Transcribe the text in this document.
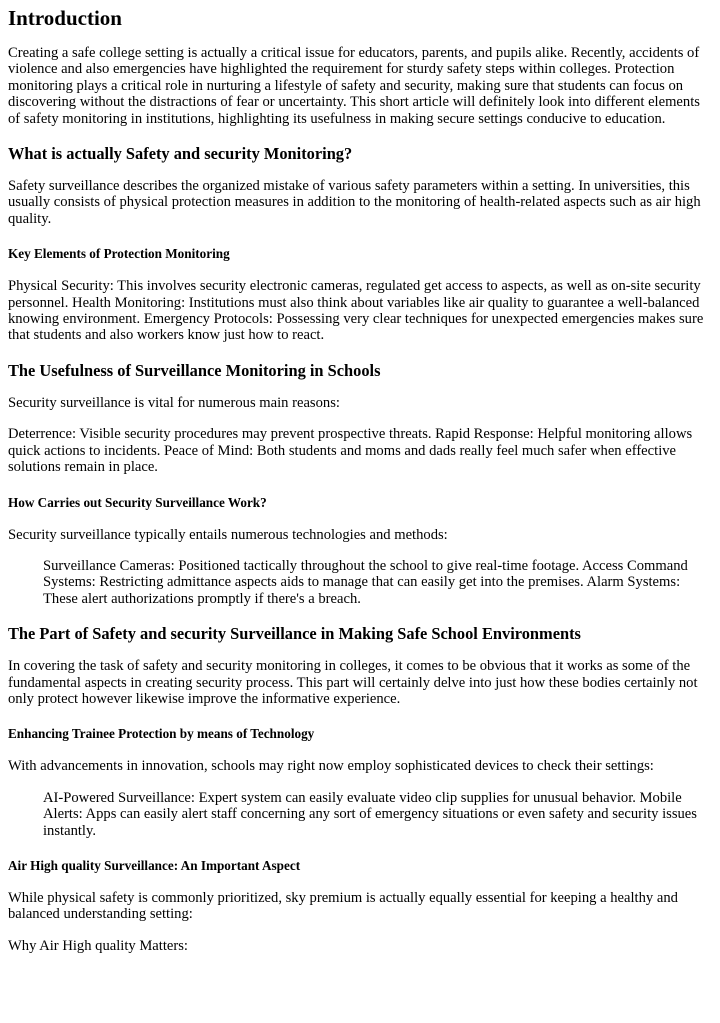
Introduction

Creating a safe college setting is actually a critical issue for educators, parents, and pupils alike. Recently, accidents of violence and also emergencies have highlighted the requirement for sturdy safety steps within colleges. Protection monitoring plays a critical role in nurturing a lifestyle of safety and security, making sure that students can focus on discovering without the distractions of fear or uncertainty. This short article will definitely look into different elements of safety monitoring in institutions, highlighting its usefulness in making secure settings conducive to education.

What is actually Safety and security Monitoring?

Safety surveillance describes the organized mistake of various safety parameters within a setting. In universities, this usually consists of physical protection measures in addition to the monitoring of health-related aspects such as air high quality.

Key Elements of Protection Monitoring

Physical Security: This involves security electronic cameras, regulated get access to aspects, as well as on-site security personnel. Health Monitoring: Institutions must also think about variables like air quality to guarantee a well-balanced knowing environment. Emergency Protocols: Possessing very clear techniques for unexpected emergencies makes sure that students and also workers know just how to react.

The Usefulness of Surveillance Monitoring in Schools

Security surveillance is vital for numerous main reasons:

Deterrence: Visible security procedures may prevent prospective threats. Rapid Response: Helpful monitoring allows quick actions to incidents. Peace of Mind: Both students and moms and dads really feel much safer when effective solutions remain in place.

How Carries out Security Surveillance Work?

Security surveillance typically entails numerous technologies and methods:

Surveillance Cameras: Positioned tactically throughout the school to give real-time footage. Access Command Systems: Restricting admittance aspects aids to manage that can easily get into the premises. Alarm Systems: These alert authorizations promptly if there's a breach.

The Part of Safety and security Surveillance in Making Safe School Environments

In covering the task of safety and security monitoring in colleges, it comes to be obvious that it works as some of the fundamental aspects in creating security process. This part will certainly delve into just how these bodies certainly not only protect however likewise improve the informative experience.

Enhancing Trainee Protection by means of Technology

With advancements in innovation, schools may right now employ sophisticated devices to check their settings:

AI-Powered Surveillance: Expert system can easily evaluate video clip supplies for unusual behavior. Mobile Alerts: Apps can easily alert staff concerning any sort of emergency situations or even safety and security issues instantly.

Air High quality Surveillance: An Important Aspect

While physical safety is commonly prioritized, sky premium is actually equally essential for keeping a healthy and balanced understanding setting:

Why Air High quality Matters:
